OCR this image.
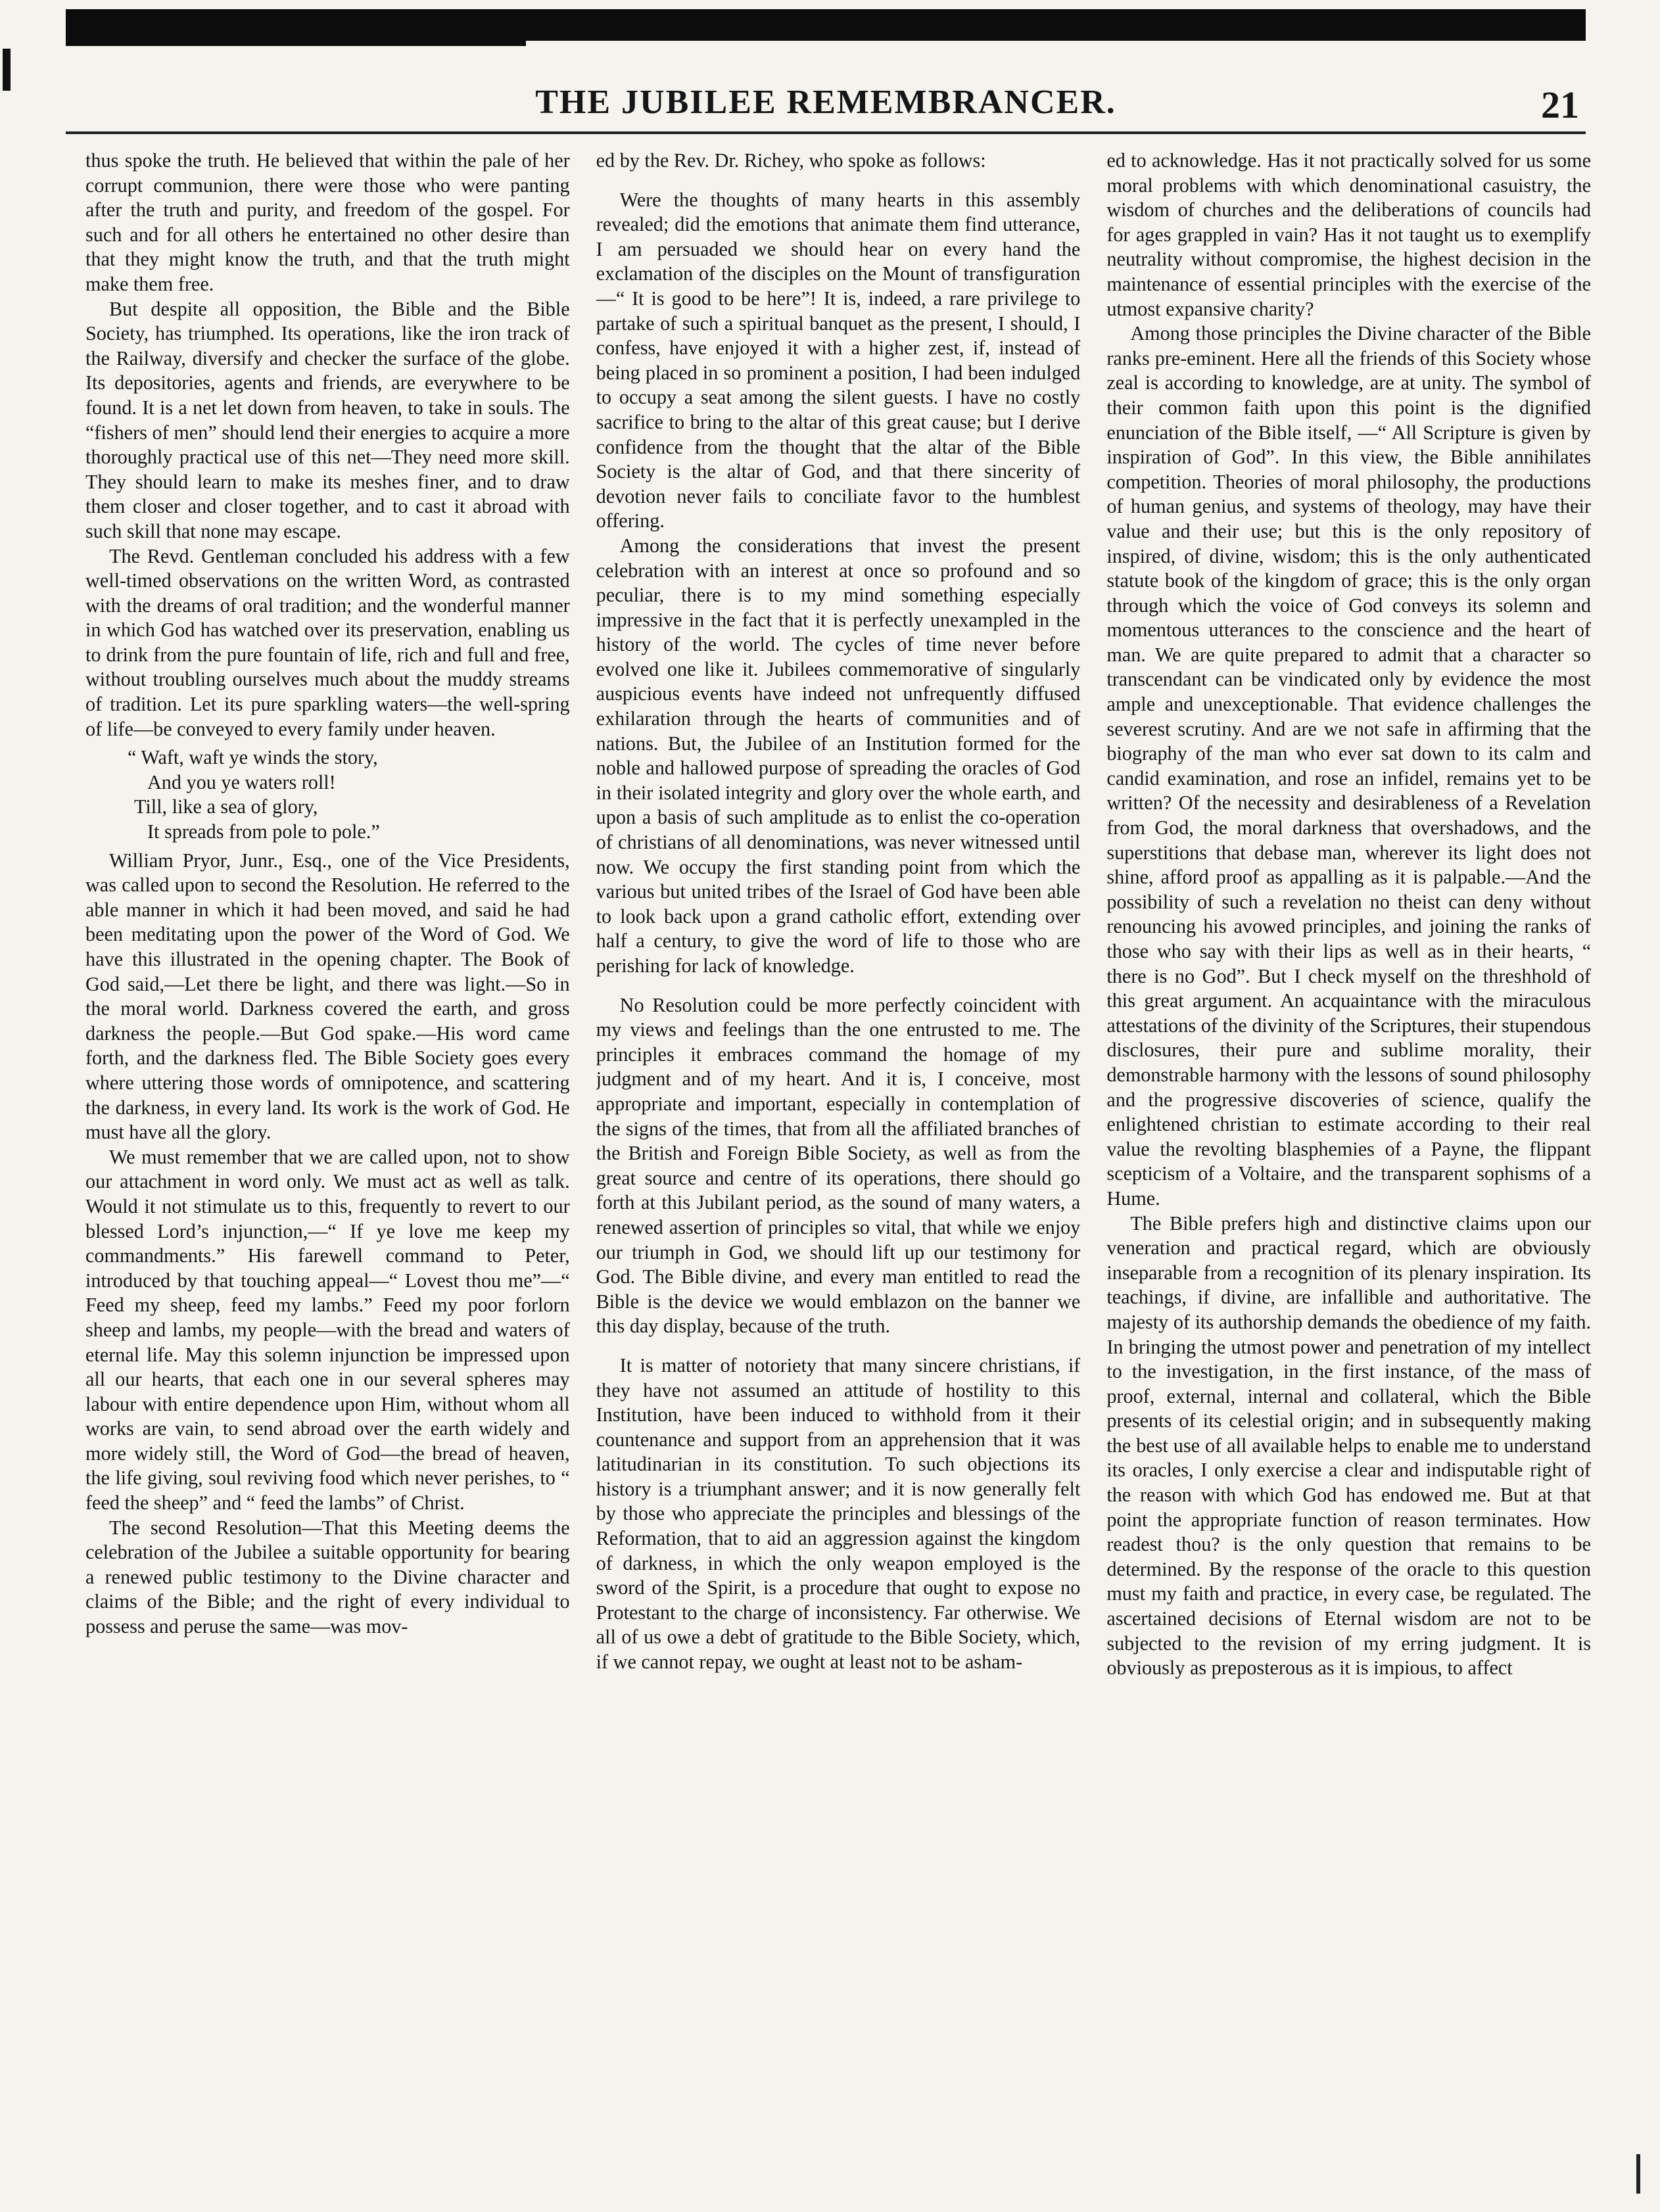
THE JUBILEE REMEMBRANCER.	21

thus spoke the truth. He believed that within the pale of her corrupt communion, there were those who were panting after the truth and purity, and freedom of the gospel. For such and for all others he entertained no other desire than that they might know the truth, and that the truth might make them free.

But despite all opposition, the Bible and the Bible Society, has triumphed. Its operations, like the iron track of the Railway, diversify and checker the surface of the globe. Its depositories, agents and friends, are everywhere to be found. It is a net let down from heaven, to take in souls. The “fishers of men” should lend their energies to acquire a more thoroughly practical use of this net—They need more skill. They should learn to make its meshes finer, and to draw them closer and closer together, and to cast it abroad with such skill that none may escape.

The Revd. Gentleman concluded his address with a few well-timed observations on the written Word, as contrasted with the dreams of oral tradition; and the wonderful manner in which God has watched over its preservation, enabling us to drink from the pure fountain of life, rich and full and free, without troubling ourselves much about the muddy streams of tradition. Let its pure sparkling waters—the well-spring of life—be conveyed to every family under heaven.

“ Waft, waft ye winds the story,
And you ye waters roll!
Till, like a sea of glory,
It spreads from pole to pole.”

William Pryor, Junr., Esq., one of the Vice Presidents, was called upon to second the Resolution. He referred to the able manner in which it had been moved, and said he had been meditating upon the power of the Word of God. We have this illustrated in the opening chapter. The Book of God said,—Let there be light, and there was light.—So in the moral world. Darkness covered the earth, and gross darkness the people.—But God spake.—His word came forth, and the darkness fled. The Bible Society goes every where uttering those words of omnipotence, and scattering the darkness, in every land. Its work is the work of God. He must have all the glory.

We must remember that we are called upon, not to show our attachment in word only. We must act as well as talk. Would it not stimulate us to this, frequently to revert to our blessed Lord’s injunction,—“ If ye love me keep my commandments.” His farewell command to Peter, introduced by that touching appeal—“ Lovest thou me”—“ Feed my sheep, feed my lambs.” Feed my poor forlorn sheep and lambs, my people—with the bread and waters of eternal life. May this solemn injunction be impressed upon all our hearts, that each one in our several spheres may labour with entire dependence upon Him, without whom all works are vain, to send abroad over the earth widely and more widely still, the Word of God—the bread of heaven, the life giving, soul reviving food which never perishes, to “ feed the sheep” and “ feed the lambs” of Christ.

The second Resolution—That this Meeting deems the celebration of the Jubilee a suitable opportunity for bearing a renewed public testimony to the Divine character and claims of the Bible; and the right of every individual to possess and peruse the same—was mov-

ed by the Rev. Dr. Richey, who spoke as follows:

Were the thoughts of many hearts in this assembly revealed; did the emotions that animate them find utterance, I am persuaded we should hear on every hand the exclamation of the disciples on the Mount of transfiguration—“ It is good to be here”! It is, indeed, a rare privilege to partake of such a spiritual banquet as the present, I should, I confess, have enjoyed it with a higher zest, if, instead of being placed in so prominent a position, I had been indulged to occupy a seat among the silent guests. I have no costly sacrifice to bring to the altar of this great cause; but I derive confidence from the thought that the altar of the Bible Society is the altar of God, and that there sincerity of devotion never fails to conciliate favor to the humblest offering.

Among the considerations that invest the present celebration with an interest at once so profound and so peculiar, there is to my mind something especially impressive in the fact that it is perfectly unexampled in the history of the world. The cycles of time never before evolved one like it. Jubilees commemorative of singularly auspicious events have indeed not unfrequently diffused exhilaration through the hearts of communities and of nations. But, the Jubilee of an Institution formed for the noble and hallowed purpose of spreading the oracles of God in their isolated integrity and glory over the whole earth, and upon a basis of such amplitude as to enlist the co-operation of christians of all denominations, was never witnessed until now. We occupy the first standing point from which the various but united tribes of the Israel of God have been able to look back upon a grand catholic effort, extending over half a century, to give the word of life to those who are perishing for lack of knowledge.

No Resolution could be more perfectly coincident with my views and feelings than the one entrusted to me. The principles it embraces command the homage of my judgment and of my heart. And it is, I conceive, most appropriate and important, especially in contemplation of the signs of the times, that from all the affiliated branches of the British and Foreign Bible Society, as well as from the great source and centre of its operations, there should go forth at this Jubilant period, as the sound of many waters, a renewed assertion of principles so vital, that while we enjoy our triumph in God, we should lift up our testimony for God. The Bible divine, and every man entitled to read the Bible is the device we would emblazon on the banner we this day display, because of the truth.

It is matter of notoriety that many sincere christians, if they have not assumed an attitude of hostility to this Institution, have been induced to withhold from it their countenance and support from an apprehension that it was latitudinarian in its constitution. To such objections its history is a triumphant answer; and it is now generally felt by those who appreciate the principles and blessings of the Reformation, that to aid an aggression against the kingdom of darkness, in which the only weapon employed is the sword of the Spirit, is a procedure that ought to expose no Protestant to the charge of inconsistency. Far otherwise. We all of us owe a debt of gratitude to the Bible Society, which, if we cannot repay, we ought at least not to be asham-

ed to acknowledge. Has it not practically solved for us some moral problems with which denominational casuistry, the wisdom of churches and the deliberations of councils had for ages grappled in vain? Has it not taught us to exemplify neutrality without compromise, the highest decision in the maintenance of essential principles with the exercise of the utmost expansive charity?

Among those principles the Divine character of the Bible ranks pre-eminent. Here all the friends of this Society whose zeal is according to knowledge, are at unity. The symbol of their common faith upon this point is the dignified enunciation of the Bible itself, —“ All Scripture is given by inspiration of God”. In this view, the Bible annihilates competition. Theories of moral philosophy, the productions of human genius, and systems of theology, may have their value and their use; but this is the only repository of inspired, of divine, wisdom; this is the only authenticated statute book of the kingdom of grace; this is the only organ through which the voice of God conveys its solemn and momentous utterances to the conscience and the heart of man. We are quite prepared to admit that a character so transcendant can be vindicated only by evidence the most ample and unexceptionable. That evidence challenges the severest scrutiny. And are we not safe in affirming that the biography of the man who ever sat down to its calm and candid examination, and rose an infidel, remains yet to be written? Of the necessity and desirableness of a Revelation from God, the moral darkness that overshadows, and the superstitions that debase man, wherever its light does not shine, afford proof as appalling as it is palpable.—And the possibility of such a revelation no theist can deny without renouncing his avowed principles, and joining the ranks of those who say with their lips as well as in their hearts, “ there is no God”. But I check myself on the threshhold of this great argument. An acquaintance with the miraculous attestations of the divinity of the Scriptures, their stupendous disclosures, their pure and sublime morality, their demonstrable harmony with the lessons of sound philosophy and the progressive discoveries of science, qualify the enlightened christian to estimate according to their real value the revolting blasphemies of a Payne, the flippant scepticism of a Voltaire, and the transparent sophisms of a Hume.

The Bible prefers high and distinctive claims upon our veneration and practical regard, which are obviously inseparable from a recognition of its plenary inspiration. Its teachings, if divine, are infallible and authoritative. The majesty of its authorship demands the obedience of my faith. In bringing the utmost power and penetration of my intellect to the investigation, in the first instance, of the mass of proof, external, internal and collateral, which the Bible presents of its celestial origin; and in subsequently making the best use of all available helps to enable me to understand its oracles, I only exercise a clear and indisputable right of the reason with which God has endowed me. But at that point the appropriate function of reason terminates. How readest thou? is the only question that remains to be determined. By the response of the oracle to this question must my faith and practice, in every case, be regulated. The ascertained decisions of Eternal wisdom are not to be subjected to the revision of my erring judgment. It is obviously as preposterous as it is impious, to affect
